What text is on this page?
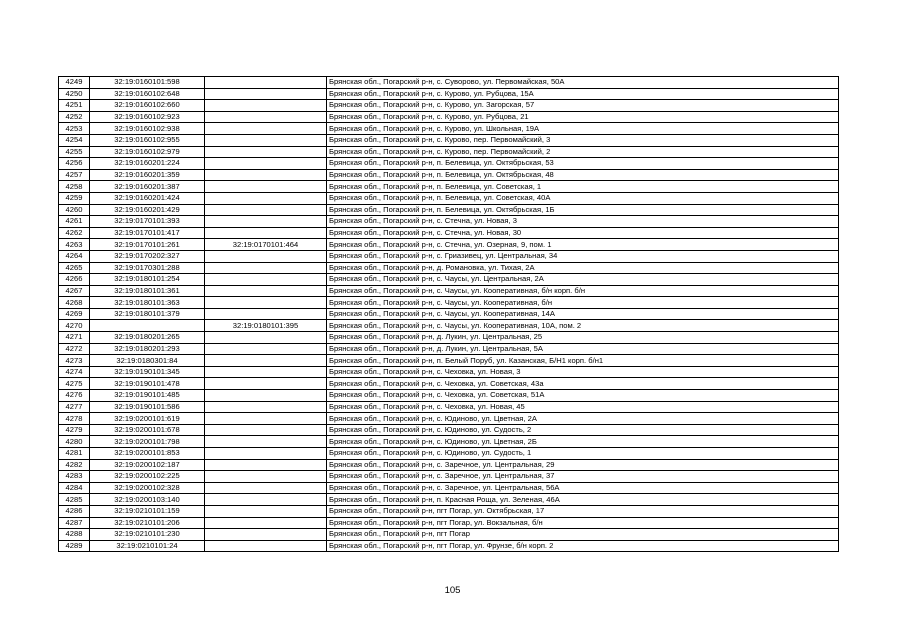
4249	32:19:0160101:598		Брянская обл., Погарский р-н, с. Суворово, ул. Первомайская, 50А
4250	32:19:0160102:648		Брянская обл., Погарский р-н, с. Курово, ул. Рубцова, 15А
4251	32:19:0160102:660		Брянская обл., Погарский р-н, с. Курово, ул. Загорская, 57
4252	32:19:0160102:923		Брянская обл., Погарский р-н, с. Курово, ул. Рубцова, 21
4253	32:19:0160102:938		Брянская обл., Погарский р-н, с. Курово, ул. Школьная, 19А
4254	32:19:0160102:955		Брянская обл., Погарский р-н, с. Курово, пер. Первомайский, 3
4255	32:19:0160102:979		Брянская обл., Погарский р-н, с. Курово, пер. Первомайский, 2
4256	32:19:0160201:224		Брянская обл., Погарский р-н, п. Белевица, ул. Октябрьская, 53
4257	32:19:0160201:359		Брянская обл., Погарский р-н, п. Белевица, ул. Октябрьская, 48
4258	32:19:0160201:387		Брянская обл., Погарский р-н, п. Белевица, ул. Советская, 1
4259	32:19:0160201:424		Брянская обл., Погарский р-н, п. Белевица, ул. Советская, 40А
4260	32:19:0160201:429		Брянская обл., Погарский р-н, п. Белевица, ул. Октябрьская, 1Б
4261	32:19:0170101:393		Брянская обл., Погарский р-н, с. Стечна, ул. Новая, 3
4262	32:19:0170101:417		Брянская обл., Погарский р-н, с. Стечна, ул. Новая, 30
4263	32:19:0170101:261	32:19:0170101:464	Брянская обл., Погарский р-н, с. Стечна, ул. Озерная, 9, пом. 1
4264	32:19:0170202:327		Брянская обл., Погарский р-н, с. Гриазивец, ул. Центральная, 34
4265	32:19:0170301:288		Брянская обл., Погарский р-н, д. Романовка, ул. Тихая, 2А
4266	32:19:0180101:254		Брянская обл., Погарский р-н, с. Чаусы, ул. Центральная, 2А
4267	32:19:0180101:361		Брянская обл., Погарский р-н, с. Чаусы, ул. Кооперативная, б/н корп. б/н
4268	32:19:0180101:363		Брянская обл., Погарский р-н, с. Чаусы, ул. Кооперативная, б/н
4269	32:19:0180101:379		Брянская обл., Погарский р-н, с. Чаусы, ул. Кооперативная, 14А
4270		32:19:0180101:395	Брянская обл., Погарский р-н, с. Чаусы, ул. Кооперативная, 10А, пом. 2
4271	32:19:0180201:265		Брянская обл., Погарский р-н, д. Лукин, ул. Центральная, 25
4272	32:19:0180201:293		Брянская обл., Погарский р-н, д. Лукин, ул. Центральная, 5А
4273	32:19:0180301:84		Брянская обл., Погарский р-н, п. Белый Поруб, ул. Казанская, Б/Н1 корп. б/н1
4274	32:19:0190101:345		Брянская обл., Погарский р-н, с. Чеховка, ул. Новая, 3
4275	32:19:0190101:478		Брянская обл., Погарский р-н, с. Чеховка, ул. Советская, 43а
4276	32:19:0190101:485		Брянская обл., Погарский р-н, с. Чеховка, ул. Советская, 51А
4277	32:19:0190101:586		Брянская обл., Погарский р-н, с. Чеховка, ул. Новая, 45
4278	32:19:0200101:619		Брянская обл., Погарский р-н, с. Юдиново, ул. Цветная, 2А
4279	32:19:0200101:678		Брянская обл., Погарский р-н, с. Юдиново, ул. Судость, 2
4280	32:19:0200101:798		Брянская обл., Погарский р-н, с. Юдиново, ул. Цветная, 2Б
4281	32:19:0200101:853		Брянская обл., Погарский р-н, с. Юдиново, ул. Судость, 1
4282	32:19:0200102:187		Брянская обл., Погарский р-н, с. Заречное, ул. Центральная, 29
4283	32:19:0200102:225		Брянская обл., Погарский р-н, с. Заречное, ул. Центральная, 37
4284	32:19:0200102:328		Брянская обл., Погарский р-н, с. Заречное, ул. Центральная, 56А
4285	32:19:0200103:140		Брянская обл., Погарский р-н, п. Красная Роща, ул. Зеленая, 46А
4286	32:19:0210101:159		Брянская обл., Погарский р-н, пгт Погар, ул. Октябрьская, 17
4287	32:19:0210101:206		Брянская обл., Погарский р-н, пгт Погар, ул. Вокзальная, б/н
4288	32:19:0210101:230		Брянская обл., Погарский р-н, пгт Погар
4289	32:19:0210101:24		Брянская обл., Погарский р-н, пгт Погар, ул. Фрунзе, б/н корп. 2
105
